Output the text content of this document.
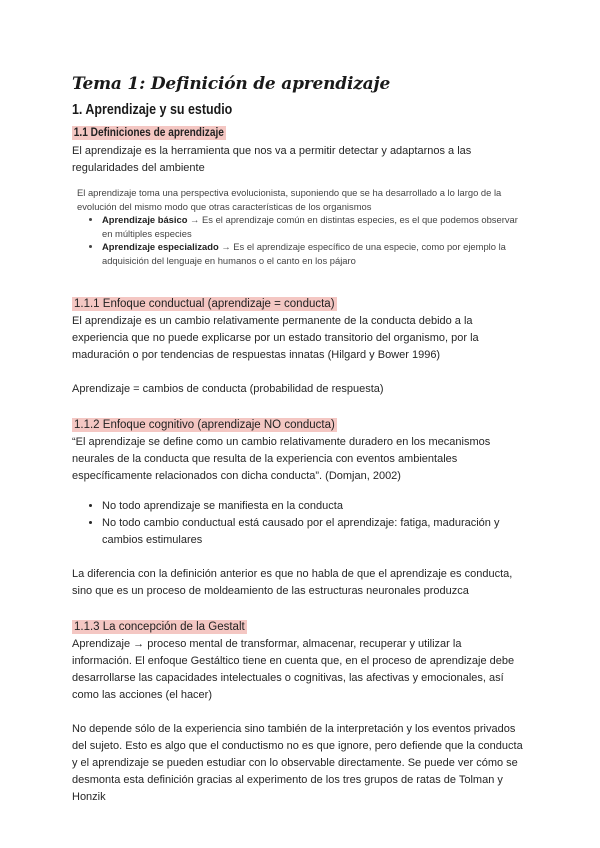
Tema 1: Definición de aprendizaje
1. Aprendizaje y su estudio
1.1 Definiciones de aprendizaje

El aprendizaje es la herramienta que nos va a permitir detectar y adaptarnos a las regularidades del ambiente

El aprendizaje toma una perspectiva evolucionista, suponiendo que se ha desarrollado a lo largo de la evolución del mismo modo que otras características de los organismos
• Aprendizaje básico → Es el aprendizaje común en distintas especies, es el que podemos observar en múltiples especies
• Aprendizaje especializado → Es el aprendizaje específico de una especie, como por ejemplo la adquisición del lenguaje en humanos o el canto en los pájaro
1.1.1 Enfoque conductual (aprendizaje = conducta)

El aprendizaje es un cambio relativamente permanente de la conducta debido a la experiencia que no puede explicarse por un estado transitorio del organismo, por la maduración o por tendencias de respuestas innatas (Hilgard y Bower 1996)

Aprendizaje = cambios de conducta (probabilidad de respuesta)

1.1.2 Enfoque cognitivo (aprendizaje NO conducta)

“El aprendizaje se define como un cambio relativamente duradero en los mecanismos neurales de la conducta que resulta de la experiencia con eventos ambientales específicamente relacionados con dicha conducta”. (Domjan, 2002)

• No todo aprendizaje se manifiesta en la conducta
• No todo cambio conductual está causado por el aprendizaje: fatiga, maduración y cambios estimulares

La diferencia con la definición anterior es que no habla de que el aprendizaje es conducta, sino que es un proceso de moldeamiento de las estructuras neuronales produzca

1.1.3 La concepción de la Gestalt

Aprendizaje → proceso mental de transformar, almacenar, recuperar y utilizar la información. El enfoque Gestáltico tiene en cuenta que, en el proceso de aprendizaje debe desarrollarse las capacidades intelectuales o cognitivas, las afectivas y emocionales, así como las acciones (el hacer)

No depende sólo de la experiencia sino también de la interpretación y los eventos privados del sujeto. Esto es algo que el conductismo no es que ignore, pero defiende que la conducta y el aprendizaje se pueden estudiar con lo observable directamente. Se puede ver cómo se desmonta esta definición gracias al experimento de los tres grupos de ratas de Tolman y Honzik
